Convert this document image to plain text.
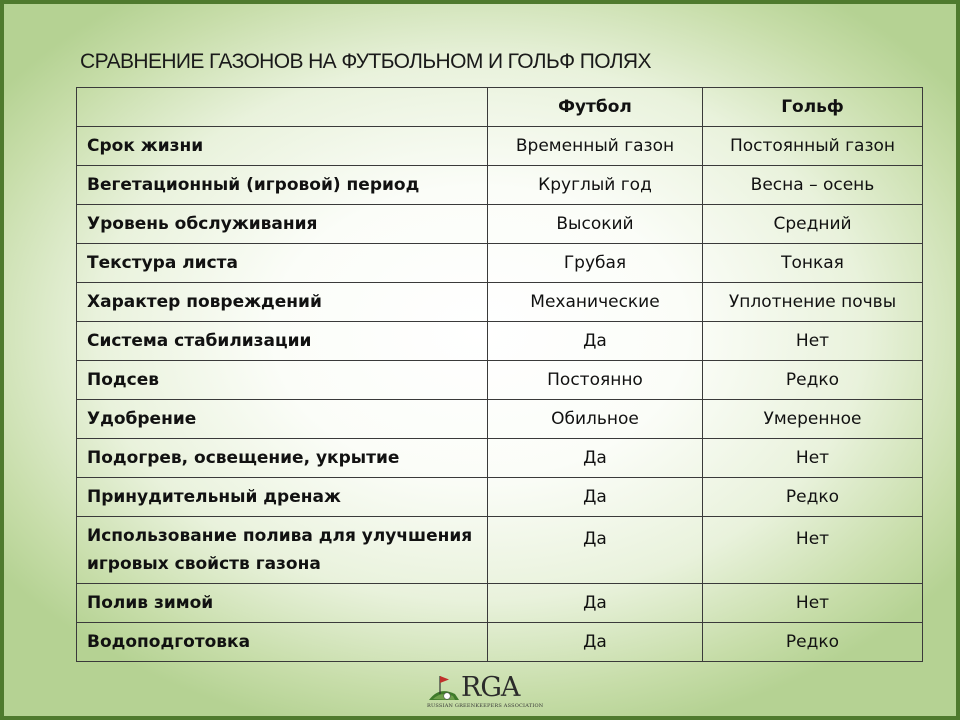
СРАВНЕНИЕ ГАЗОНОВ НА ФУТБОЛЬНОМ И ГОЛЬФ ПОЛЯХ
	Футбол	Гольф
Срок жизни	Временный газон	Постоянный газон
Вегетационный (игровой) период	Круглый год	Весна – осень
Уровень обслуживания	Высокий	Средний
Текстура листа	Грубая	Тонкая
Характер повреждений	Механические	Уплотнение почвы
Система стабилизации	Да	Нет
Подсев	Постоянно	Редко
Удобрение	Обильное	Умеренное
Подогрев, освещение, укрытие	Да	Нет
Принудительный дренаж	Да	Редко
Использование полива для улучшения игровых свойств газона	Да	Нет
Полив зимой	Да	Нет
Водоподготовка	Да	Редко
RGA
RUSSIAN GREENKEEPERS ASSOCIATION
